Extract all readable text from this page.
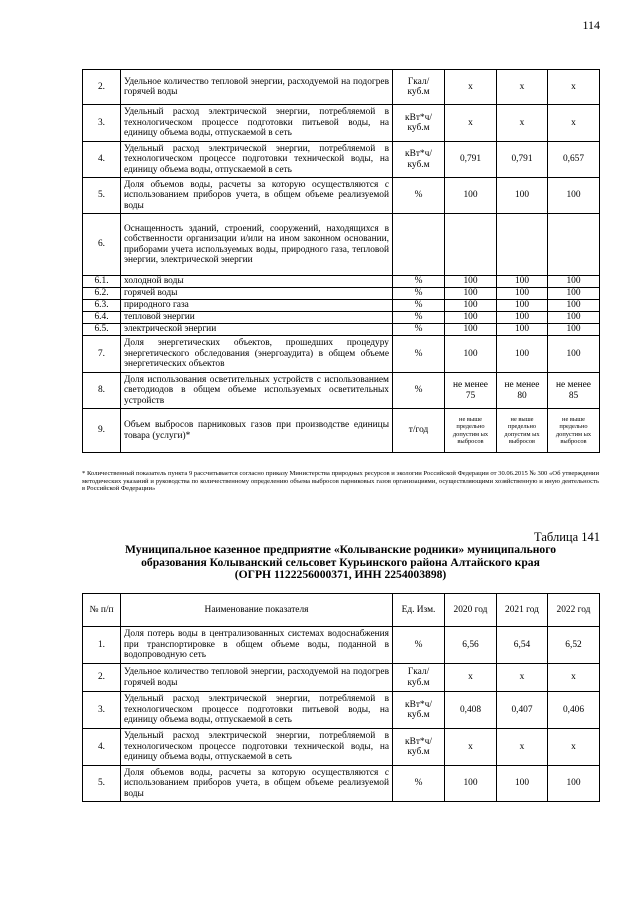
114
2.	Удельное количество тепловой энергии, расходуемой на подогрев горячей воды	Гкал/ куб.м	x	x	x
3.	Удельный расход электрической энергии, потребляемой в технологическом процессе подготовки питьевой воды, на единицу объема воды, отпускаемой в сеть	кВт*ч/ куб.м	x	x	x
4.	Удельный расход электрической энергии, потребляемой в технологическом процессе подготовки технической воды, на единицу объема воды, отпускаемой в сеть	кВт*ч/ куб.м	0,791	0,791	0,657
5.	Доля объемов воды, расчеты за которую осуществляются с использованием приборов учета, в общем объеме реализуемой воды	%	100	100	100
6.	Оснащенность зданий, строений, сооружений, находящихся в собственности организации и/или на ином законном основании, приборами учета используемых воды, природного газа, тепловой энергии, электрической энергии				
6.1.	холодной воды	%	100	100	100
6.2.	горячей воды	%	100	100	100
6.3.	природного газа	%	100	100	100
6.4.	тепловой энергии	%	100	100	100
6.5.	электрической энергии	%	100	100	100
7.	Доля энергетических объектов, прошедших процедуру энергетического обследования (энергоаудита) в общем объеме энергетических объектов	%	100	100	100
8.	Доля использования осветительных устройств с использованием светодиодов в общем объеме используемых осветительных устройств	%	не менее 75	не менее 80	не менее 85
9.	Объем выбросов парниковых газов при производстве единицы товара (услуги)*	т/год	не выше предельно допустим ых выбросов	не выше предельно допустим ых выбросов	не выше предельно допустим ых выбросов
* Количественный показатель пункта 9 рассчитывается согласно приказу Министерства природных ресурсов и экологии Российской Федерации от 30.06.2015 № 300 «Об утверждении методических указаний и руководства по количественному определению объема выбросов парниковых газов организациями, осуществляющими хозяйственную и иную деятельность в Российской Федерации»
Таблица 141
Муниципальное казенное предприятие «Колыванские родники» муниципального
образования Колыванский сельсовет Курьинского района Алтайского края
(ОГРН 1122256000371, ИНН 2254003898)
№ п/п	Наименование показателя	Ед. Изм.	2020 год	2021 год	2022 год
1.	Доля потерь воды в централизованных системах водоснабжения при транспортировке в общем объеме воды, поданной в водопроводную сеть	%	6,56	6,54	6,52
2.	Удельное количество тепловой энергии, расходуемой на подогрев горячей воды	Гкал/ куб.м	x	x	x
3.	Удельный расход электрической энергии, потребляемой в технологическом процессе подготовки питьевой воды, на единицу объема воды, отпускаемой в сеть	кВт*ч/ куб.м	0,408	0,407	0,406
4.	Удельный расход электрической энергии, потребляемой в технологическом процессе подготовки технической воды, на единицу объема воды, отпускаемой в сеть	кВт*ч/ куб.м	x	x	x
5.	Доля объемов воды, расчеты за которую осуществляются с использованием приборов учета, в общем объеме реализуемой воды	%	100	100	100
